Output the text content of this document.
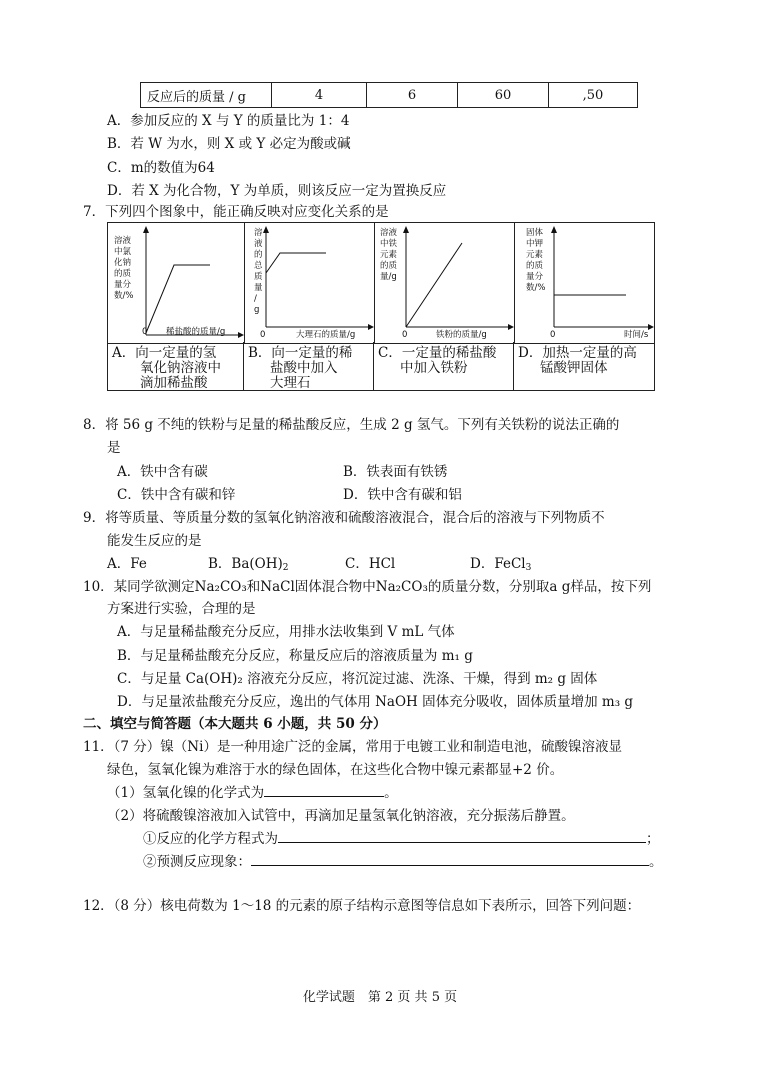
反应后的质量 / g	4	6	60	,50
A．参加反应的 X 与 Y 的质量比为 1：4
B．若 W 为水，则 X 或 Y 必定为酸或碱
C．m的数值为64
D．若 X 为化合物，Y 为单质，则该反应一定为置换反应
7．下列四个图象中，能正确反映对应变化关系的是
溶液
中氯
化钠
的质
量分
数/%
0 稀盐酸的质量/g
溶
液
的
总
质
量
/
g
0	大理石的质量/g
溶液
中铁
元素
的质
量/g
0	铁粉的质量/g
固体
中钾
元素
的质
量分
数/%
0	时间/s
A．向一定量的氢
氧化钠溶液中
滴加稀盐酸
B．向一定量的稀
盐酸中加入
大理石
C．一定量的稀盐酸
中加入铁粉
D．加热一定量的高
锰酸钾固体
8．将 56 g 不纯的铁粉与足量的稀盐酸反应，生成 2 g 氢气。下列有关铁粉的说法正确的
是
A．铁中含有碳	B．铁表面有铁锈
C．铁中含有碳和锌	D．铁中含有碳和铝
9．将等质量、等质量分数的氢氧化钠溶液和硫酸溶液混合，混合后的溶液与下列物质不
能发生反应的是
A．Fe	B．$Ba(OH)_2$	C．HCl	D．FeCl$_3$
10．某同学欲测定Na₂CO₃和NaCl固体混合物中Na₂CO₃的质量分数，分别取a g样品，按下列
方案进行实验，合理的是
A．与足量稀盐酸充分反应，用排水法收集到 V mL 气体
B．与足量稀盐酸充分反应，称量反应后的溶液质量为 m₁ g
C．与足量 Ca(OH)₂ 溶液充分反应，将沉淀过滤、洗涤、干燥，得到 m₂ g 固体
D．与足量浓盐酸充分反应，逸出的气体用 NaOH 固体充分吸收，固体质量增加 m₃ g
二、填空与简答题（本大题共 6 小题，共 50 分）
11．（7 分）镍（Ni）是一种用途广泛的金属，常用于电镀工业和制造电池，硫酸镍溶液显
绿色，氢氧化镍为难溶于水的绿色固体，在这些化合物中镍元素都显+2 价。
（1）氢氧化镍的化学式为	。
（2）将硫酸镍溶液加入试管中，再滴加足量氢氧化钠溶液，充分振荡后静置。
①反应的化学方程式为	；
②预测反应现象：	。
12．（8 分）核电荷数为 1～18 的元素的原子结构示意图等信息如下表所示，回答下列问题：
化学试题　第 2 页 共 5 页
